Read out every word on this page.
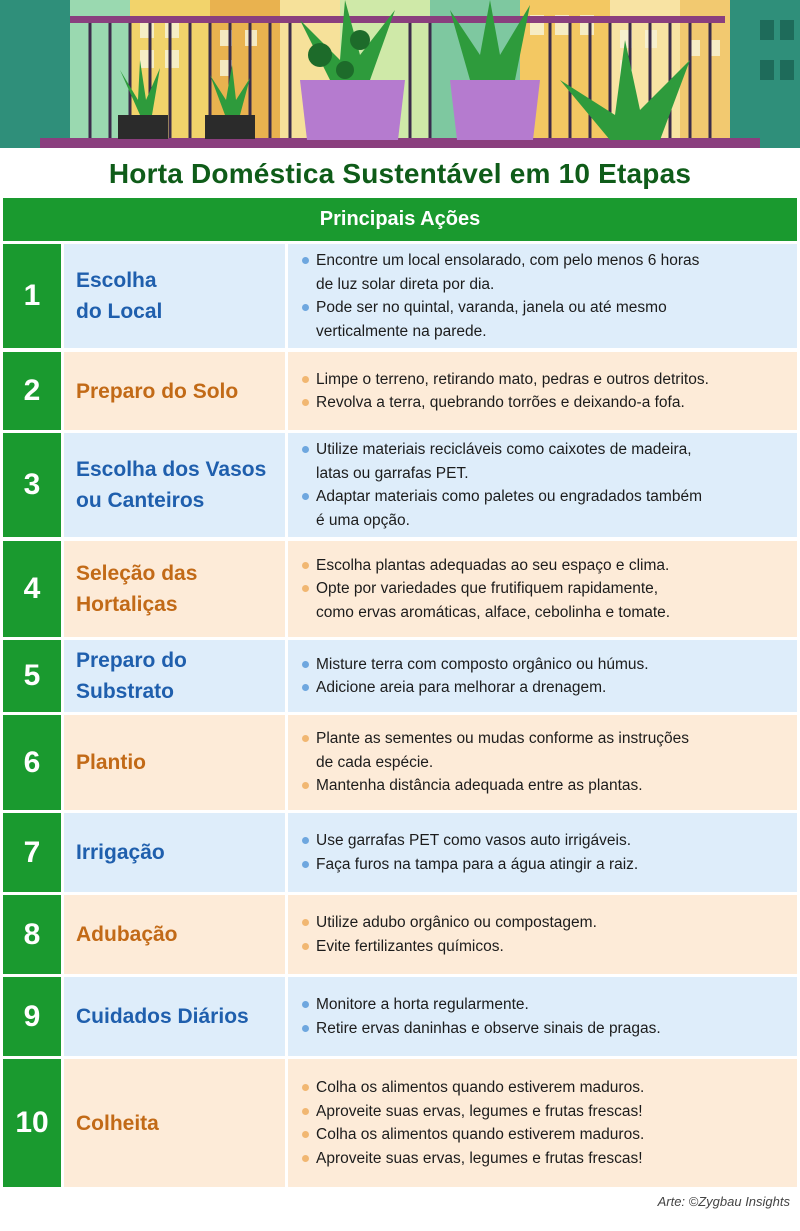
Horta Doméstica Sustentável em 10 Etapas
Principais Ações
1	Escolha
do Local
Encontre um local ensolarado, com pelo menos 6 horas
de luz solar direta por dia.
Pode ser no quintal, varanda, janela ou até mesmo
verticalmente na parede.
2	Preparo do Solo
Limpe o terreno, retirando mato, pedras e outros detritos.
Revolva a terra, quebrando torrões e deixando-a fofa.
3	Escolha dos Vasos
ou Canteiros
Utilize materiais recicláveis como caixotes de madeira,
latas ou garrafas PET.
Adaptar materiais como paletes ou engradados também
é uma opção.
4	Seleção das
Hortaliças
Escolha plantas adequadas ao seu espaço e clima.
Opte por variedades que frutifiquem rapidamente,
como ervas aromáticas, alface, cebolinha e tomate.
5	Preparo do
Substrato
Misture terra com composto orgânico ou húmus.
Adicione areia para melhorar a drenagem.
6	Plantio
Plante as sementes ou mudas conforme as instruções
de cada espécie.
Mantenha distância adequada entre as plantas.
7	Irrigação
Use garrafas PET como vasos auto irrigáveis.
Faça furos na tampa para a água atingir a raiz.
8	Adubação
Utilize adubo orgânico ou compostagem.
Evite fertilizantes químicos.
9	Cuidados Diários
Monitore a horta regularmente.
Retire ervas daninhas e observe sinais de pragas.
10	Colheita
Colha os alimentos quando estiverem maduros.
Aproveite suas ervas, legumes e frutas frescas!
Colha os alimentos quando estiverem maduros.
Aproveite suas ervas, legumes e frutas frescas!
Arte: ©Zygbau Insights
